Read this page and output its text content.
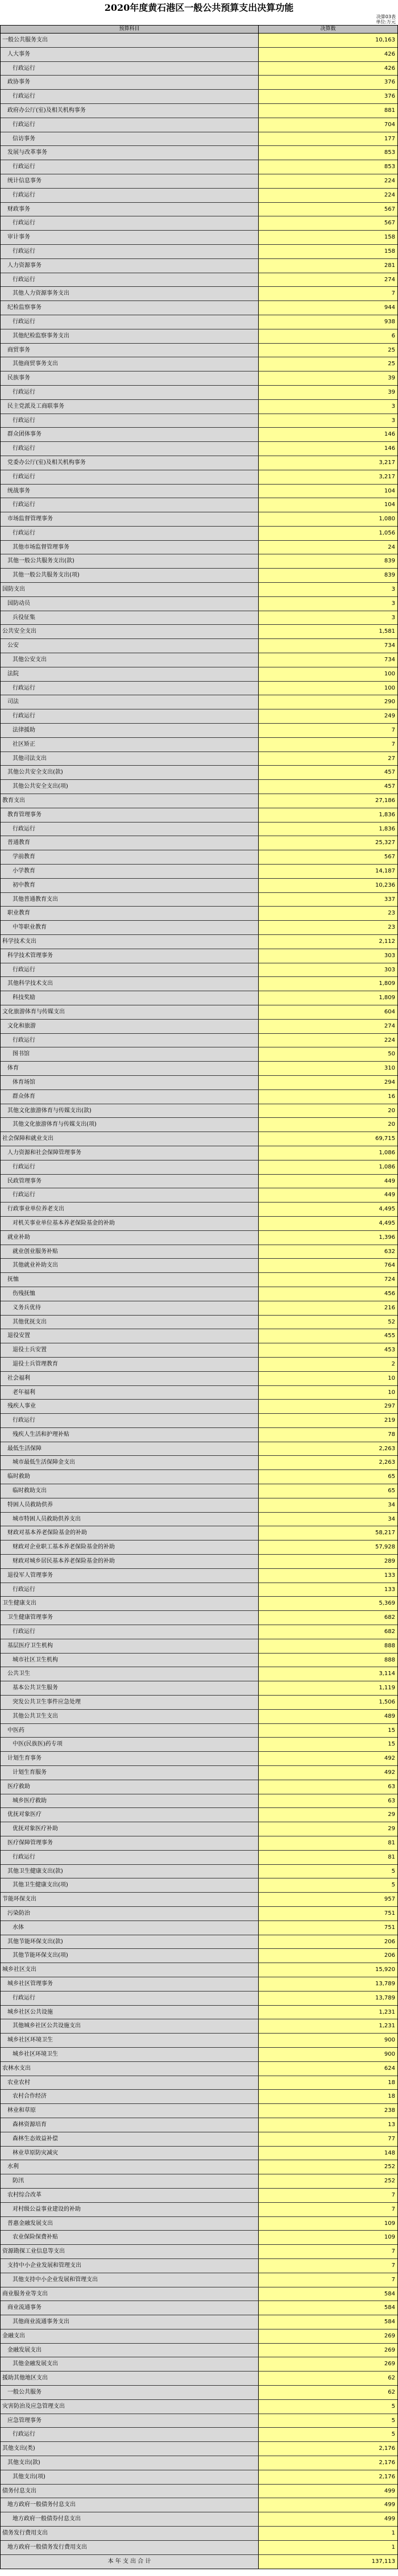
2020年度黄石港区一般公共预算支出决算功能
决算03表
单位:万元
预算科目	决算数
一般公共服务支出	10,163
人大事务	426
行政运行	426
政协事务	376
行政运行	376
政府办公厅(室)及相关机构事务	881
行政运行	704
信访事务	177
发展与改革事务	853
行政运行	853
统计信息事务	224
行政运行	224
财政事务	567
行政运行	567
审计事务	158
行政运行	158
人力资源事务	281
行政运行	274
其他人力资源事务支出	7
纪检监察事务	944
行政运行	938
其他纪检监察事务支出	6
商贸事务	25
其他商贸事务支出	25
民族事务	39
行政运行	39
民主党派及工商联事务	3
行政运行	3
群众团体事务	146
行政运行	146
党委办公厅(室)及相关机构事务	3,217
行政运行	3,217
统战事务	104
行政运行	104
市场监督管理事务	1,080
行政运行	1,056
其他市场监督管理事务	24
其他一般公共服务支出(款)	839
其他一般公共服务支出(项)	839
国防支出	3
国防动员	3
兵役征集	3
公共安全支出	1,581
公安	734
其他公安支出	734
法院	100
行政运行	100
司法	290
行政运行	249
法律援助	7
社区矫正	7
其他司法支出	27
其他公共安全支出(款)	457
其他公共安全支出(项)	457
教育支出	27,186
教育管理事务	1,836
行政运行	1,836
普通教育	25,327
学前教育	567
小学教育	14,187
初中教育	10,236
其他普通教育支出	337
职业教育	23
中等职业教育	23
科学技术支出	2,112
科学技术管理事务	303
行政运行	303
其他科学技术支出	1,809
科技奖励	1,809
文化旅游体育与传媒支出	604
文化和旅游	274
行政运行	224
图书馆	50
体育	310
体育场馆	294
群众体育	16
其他文化旅游体育与传媒支出(款)	20
其他文化旅游体育与传媒支出(项)	20
社会保障和就业支出	69,715
人力资源和社会保障管理事务	1,086
行政运行	1,086
民政管理事务	449
行政运行	449
行政事业单位养老支出	4,495
对机关事业单位基本养老保险基金的补助	4,495
就业补助	1,396
就业创业服务补贴	632
其他就业补助支出	764
抚恤	724
伤残抚恤	456
义务兵优待	216
其他优抚支出	52
退役安置	455
退役士兵安置	453
退役士兵管理教育	2
社会福利	10
老年福利	10
残疾人事业	297
行政运行	219
残疾人生活和护理补贴	78
最低生活保障	2,263
城市最低生活保障金支出	2,263
临时救助	65
临时救助支出	65
特困人员救助供养	34
城市特困人员救助供养支出	34
财政对基本养老保险基金的补助	58,217
财政对企业职工基本养老保险基金的补助	57,928
财政对城乡居民基本养老保险基金的补助	289
退役军人管理事务	133
行政运行	133
卫生健康支出	5,369
卫生健康管理事务	682
行政运行	682
基层医疗卫生机构	888
城市社区卫生机构	888
公共卫生	3,114
基本公共卫生服务	1,119
突发公共卫生事件应急处理	1,506
其他公共卫生支出	489
中医药	15
中医(民族医)药专项	15
计划生育事务	492
计划生育服务	492
医疗救助	63
城乡医疗救助	63
优抚对象医疗	29
优抚对象医疗补助	29
医疗保障管理事务	81
行政运行	81
其他卫生健康支出(款)	5
其他卫生健康支出(项)	5
节能环保支出	957
污染防治	751
水体	751
其他节能环保支出(款)	206
其他节能环保支出(项)	206
城乡社区支出	15,920
城乡社区管理事务	13,789
行政运行	13,789
城乡社区公共设施	1,231
其他城乡社区公共设施支出	1,231
城乡社区环境卫生	900
城乡社区环境卫生	900
农林水支出	624
农业农村	18
农村合作经济	18
林业和草原	238
森林资源培育	13
森林生态效益补偿	77
林业草原防灾减灾	148
水利	252
防汛	252
农村综合改革	7
对村级公益事业建设的补助	7
普惠金融发展支出	109
农业保险保费补贴	109
资源勘探工业信息等支出	7
支持中小企业发展和管理支出	7
其他支持中小企业发展和管理支出	7
商业服务业等支出	584
商业流通事务	584
其他商业流通事务支出	584
金融支出	269
金融发展支出	269
其他金融发展支出	269
援助其他地区支出	62
一般公共服务	62
灾害防治及应急管理支出	5
应急管理事务	5
行政运行	5
其他支出(类)	2,176
其他支出(款)	2,176
其他支出(项)	2,176
债务付息支出	499
地方政府一般债务付息支出	499
地方政府一般债券付息支出	499
债务发行费用支出	1
地方政府一般债务发行费用支出	1
本 年 支 出 合 计	137,113
